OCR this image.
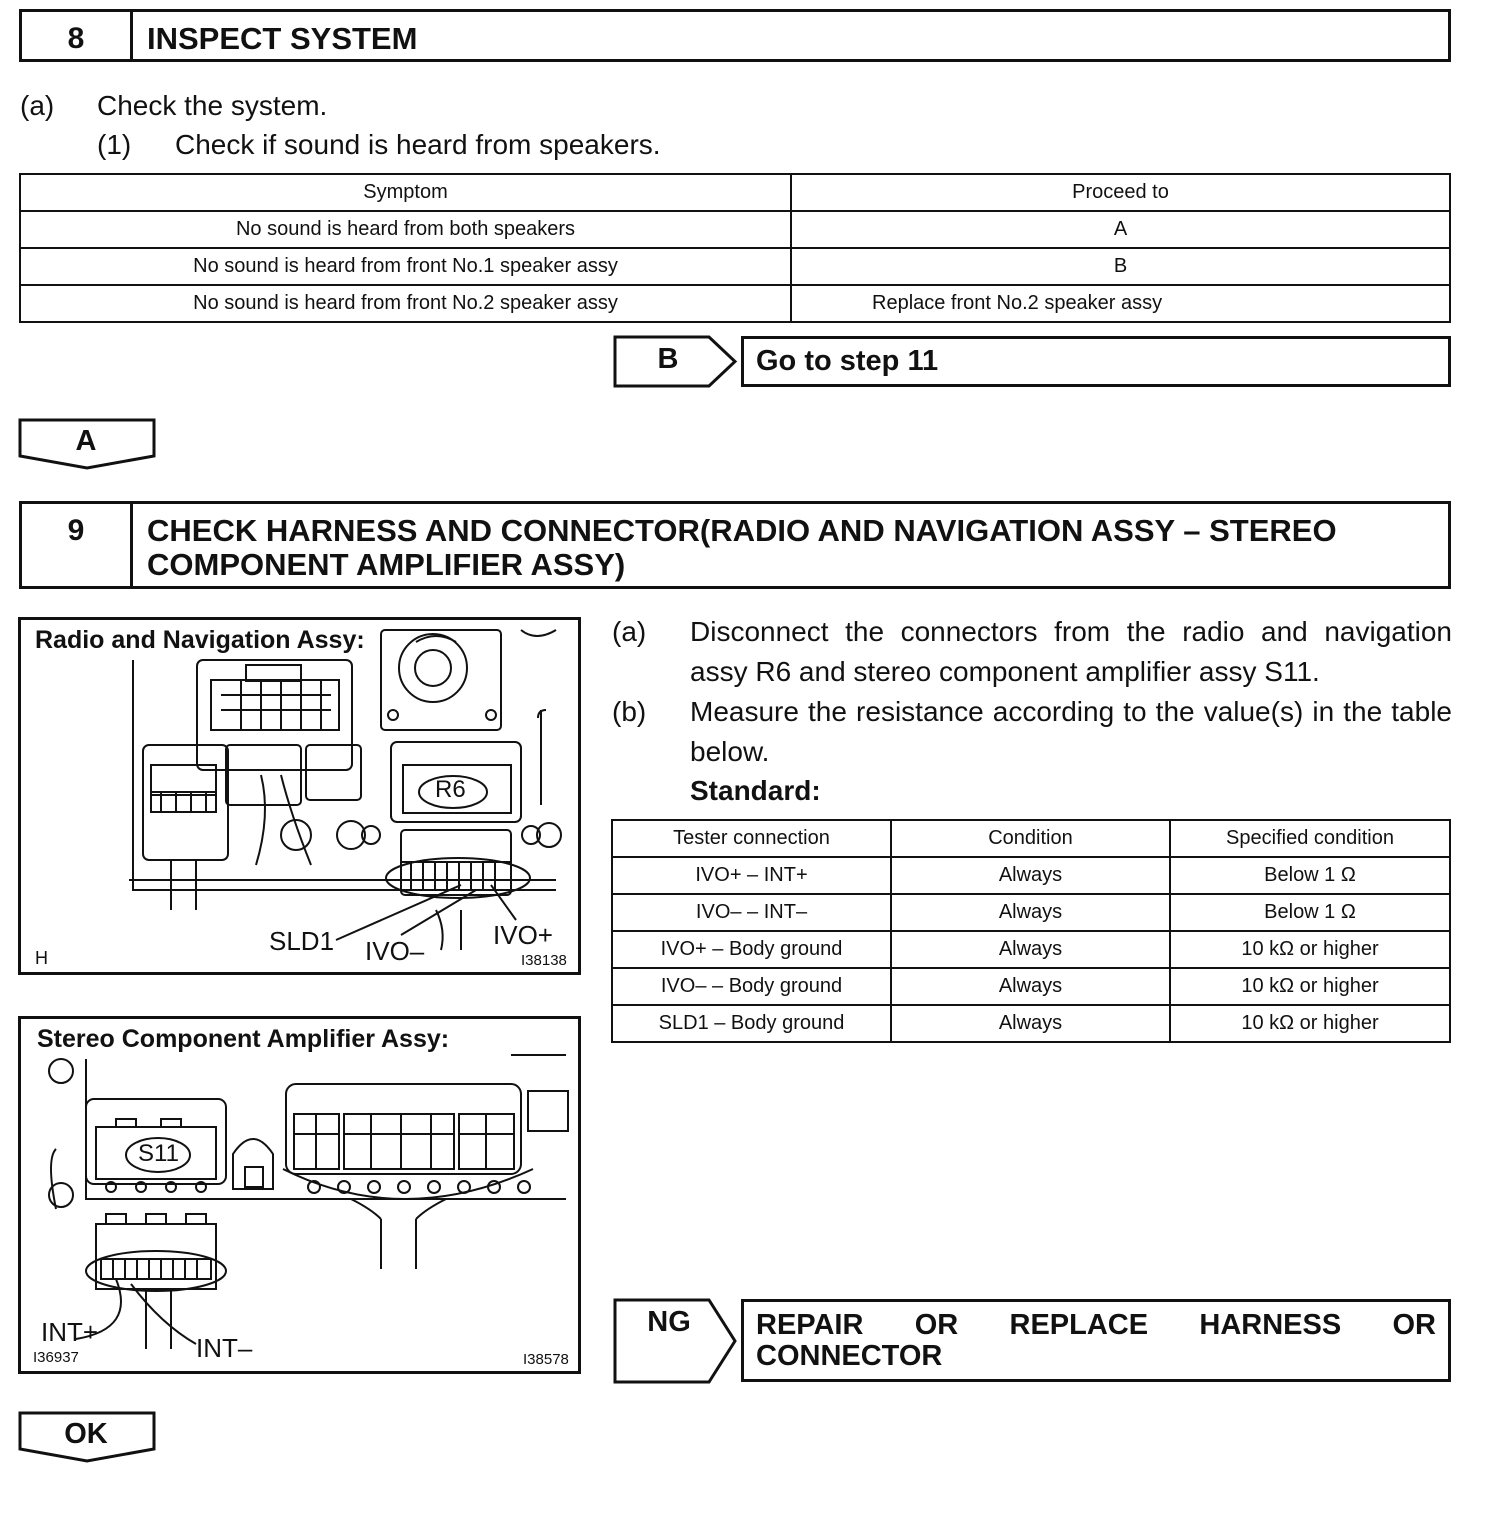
8	INSPECT SYSTEM
(a) Check the system.
(1) Check if sound is heard from speakers.
Symptom	Proceed to
No sound is heard from both speakers	A
No sound is heard from front No.1 speaker assy	B
No sound is heard from front No.2 speaker assy	Replace front No.2 speaker assy
B	Go to step 11
A
9	CHECK HARNESS AND CONNECTOR(RADIO AND NAVIGATION ASSY – STEREO COMPONENT AMPLIFIER ASSY)
Radio and Navigation Assy:
R6
SLD1 IVO–
IVO+
H	I38138
Stereo Component Amplifier Assy:
S11
INT+
INT–
I36937	I38578
(a) Disconnect the connectors from the radio and navigation assy R6 and stereo component amplifier assy S11.
(b) Measure the resistance according to the value(s) in the table below.
Standard:
Tester connection	Condition	Specified condition
IVO+ – INT+	Always	Below 1 Ω
IVO– – INT–	Always	Below 1 Ω
IVO+ – Body ground	Always	10 kΩ or higher
IVO– – Body ground	Always	10 kΩ or higher
SLD1 – Body ground	Always	10 kΩ or higher
NG	REPAIR OR REPLACE HARNESS OR CONNECTOR
OK
